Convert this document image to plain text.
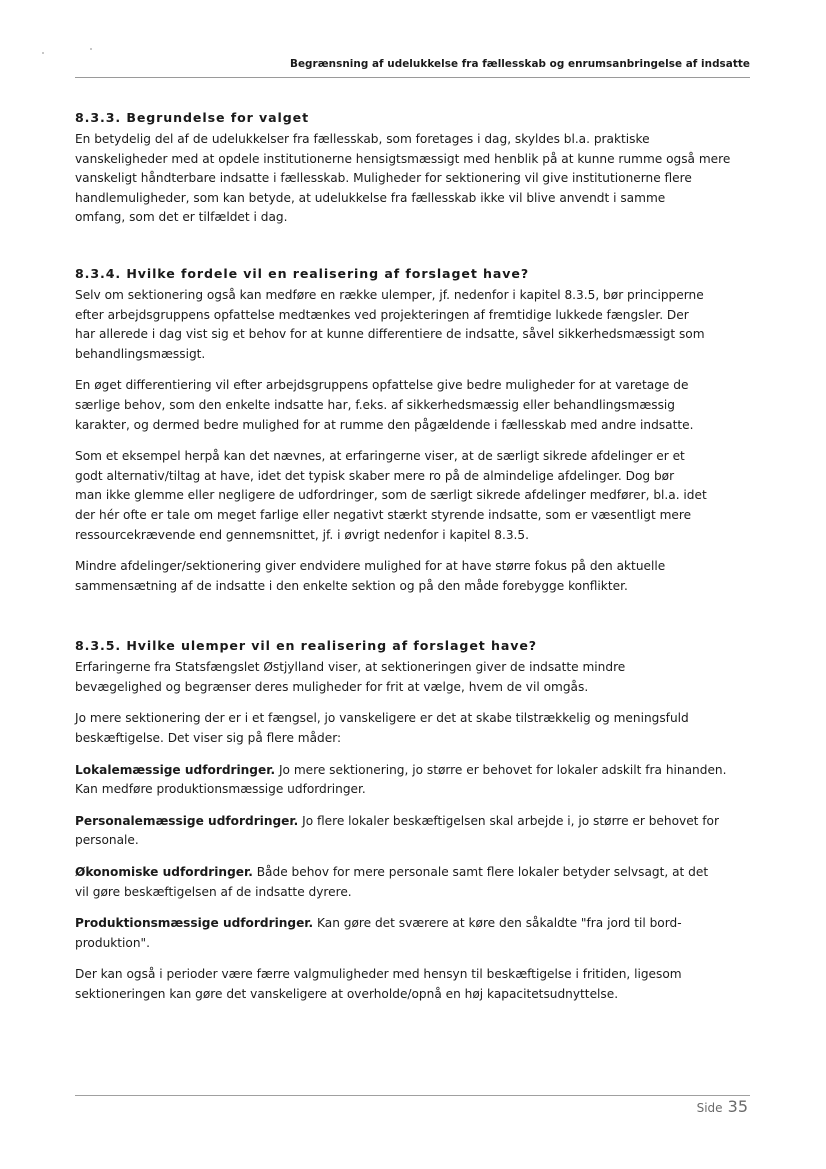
Begrænsning af udelukkelse fra fællesskab og enrumsanbringelse af indsatte
8.3.3. Begrundelse for valget

En betydelig del af de udelukkelser fra fællesskab, som foretages i dag, skyldes bl.a. praktiske
vanskeligheder med at opdele institutionerne hensigtsmæssigt med henblik på at kunne rumme også mere
vanskeligt håndterbare indsatte i fællesskab. Muligheder for sektionering vil give institutionerne flere
handlemuligheder, som kan betyde, at udelukkelse fra fællesskab ikke vil blive anvendt i samme
omfang, som det er tilfældet i dag.

8.3.4. Hvilke fordele vil en realisering af forslaget have?

Selv om sektionering også kan medføre en række ulemper, jf. nedenfor i kapitel 8.3.5, bør principperne
efter arbejdsgruppens opfattelse medtænkes ved projekteringen af fremtidige lukkede fængsler. Der
har allerede i dag vist sig et behov for at kunne differentiere de indsatte, såvel sikkerhedsmæssigt som
behandlingsmæssigt.

En øget differentiering vil efter arbejdsgruppens opfattelse give bedre muligheder for at varetage de
særlige behov, som den enkelte indsatte har, f.eks. af sikkerhedsmæssig eller behandlingsmæssig
karakter, og dermed bedre mulighed for at rumme den pågældende i fællesskab med andre indsatte.

Som et eksempel herpå kan det nævnes, at erfaringerne viser, at de særligt sikrede afdelinger er et
godt alternativ/tiltag at have, idet det typisk skaber mere ro på de almindelige afdelinger. Dog bør
man ikke glemme eller negligere de udfordringer, som de særligt sikrede afdelinger medfører, bl.a. idet
der hér ofte er tale om meget farlige eller negativt stærkt styrende indsatte, som er væsentligt mere
ressourcekrævende end gennemsnittet, jf. i øvrigt nedenfor i kapitel 8.3.5.

Mindre afdelinger/sektionering giver endvidere mulighed for at have større fokus på den aktuelle
sammensætning af de indsatte i den enkelte sektion og på den måde forebygge konflikter.

8.3.5. Hvilke ulemper vil en realisering af forslaget have?

Erfaringerne fra Statsfængslet Østjylland viser, at sektioneringen giver de indsatte mindre
bevægelighed og begrænser deres muligheder for frit at vælge, hvem de vil omgås.

Jo mere sektionering der er i et fængsel, jo vanskeligere er det at skabe tilstrækkelig og meningsfuld
beskæftigelse. Det viser sig på flere måder:

Lokalemæssige udfordringer. Jo mere sektionering, jo større er behovet for lokaler adskilt fra hinanden.
Kan medføre produktionsmæssige udfordringer.

Personalemæssige udfordringer. Jo flere lokaler beskæftigelsen skal arbejde i, jo større er behovet for
personale.

Økonomiske udfordringer. Både behov for mere personale samt flere lokaler betyder selvsagt, at det
vil gøre beskæftigelsen af de indsatte dyrere.

Produktionsmæssige udfordringer. Kan gøre det sværere at køre den såkaldte "fra jord til bord-
produktion".

Der kan også i perioder være færre valgmuligheder med hensyn til beskæftigelse i fritiden, ligesom
sektioneringen kan gøre det vanskeligere at overholde/opnå en høj kapacitetsudnyttelse.

Side 35
